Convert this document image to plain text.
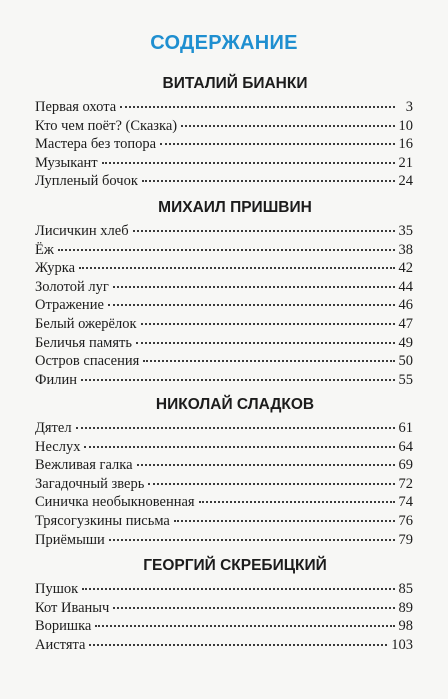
СОДЕРЖАНИЕ
ВИТАЛИЙ БИАНКИ
Первая охота	3
Кто чем поёт? (Сказка)	10
Мастера без топора	16
Музыкант	21
Лупленый бочок	24
МИХАИЛ ПРИШВИН
Лисичкин хлеб	35
Ёж	38
Журка	42
Золотой луг	44
Отражение	46
Белый ожерёлок	47
Беличья память	49
Остров спасения	50
Филин	55
НИКОЛАЙ СЛАДКОВ
Дятел	61
Неслух	64
Вежливая галка	69
Загадочный зверь	72
Синичка необыкновенная	74
Трясогузкины письма	76
Приёмыши	79
ГЕОРГИЙ СКРЕБИЦКИЙ
Пушок	85
Кот Иваныч	89
Воришка	98
Аистята	103
